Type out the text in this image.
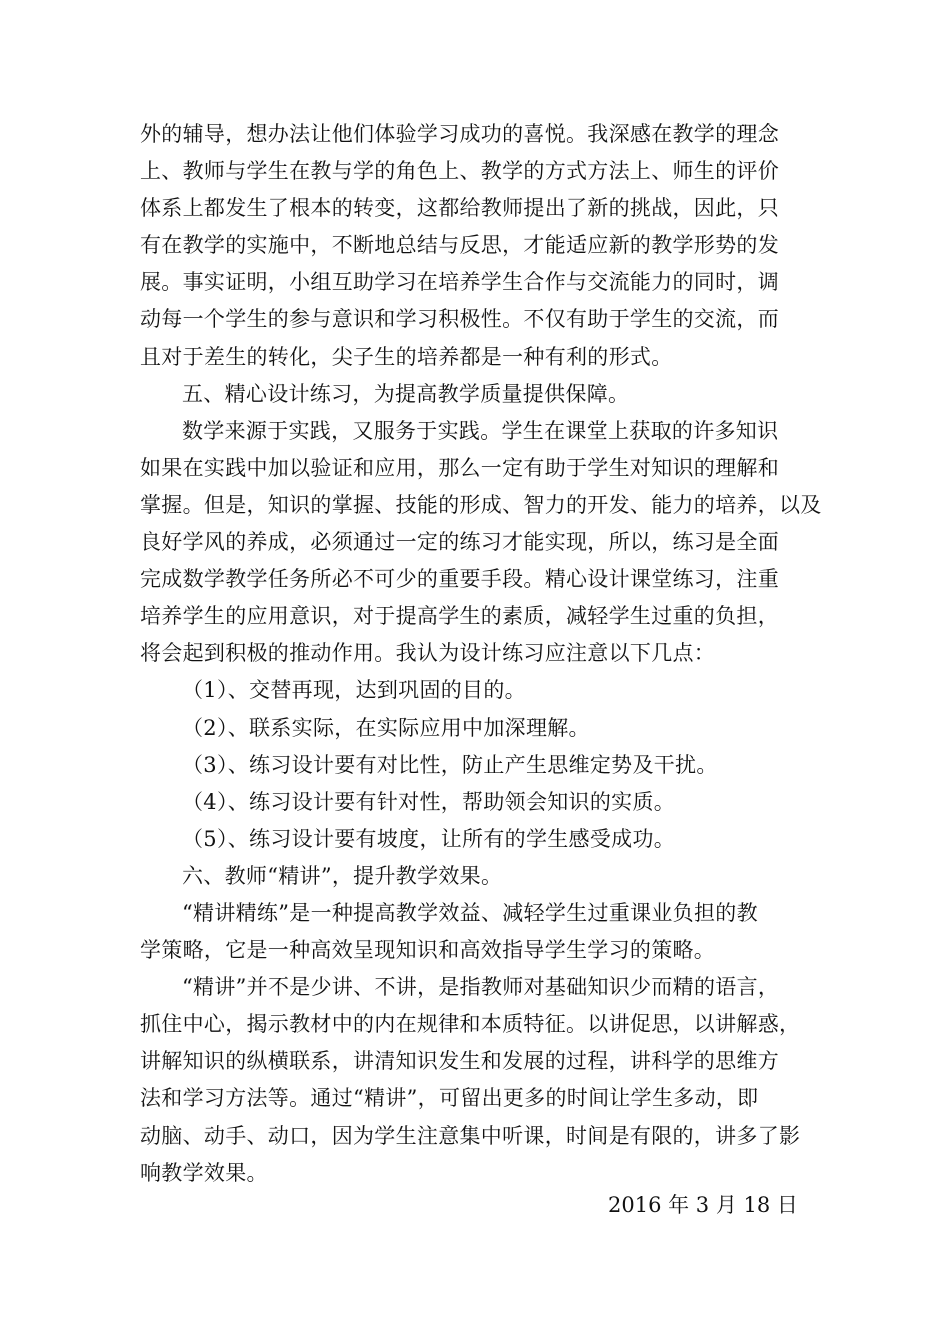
外的辅导，想办法让他们体验学习成功的喜悦。我深感在教学的理念
上、教师与学生在教与学的角色上、教学的方式方法上、师生的评价
体系上都发生了根本的转变，这都给教师提出了新的挑战，因此，只
有在教学的实施中，不断地总结与反思，才能适应新的教学形势的发
展。事实证明，小组互助学习在培养学生合作与交流能力的同时，调
动每一个学生的参与意识和学习积极性。不仅有助于学生的交流，而
且对于差生的转化，尖子生的培养都是一种有利的形式。
五、精心设计练习，为提高教学质量提供保障。
数学来源于实践，又服务于实践。学生在课堂上获取的许多知识
如果在实践中加以验证和应用，那么一定有助于学生对知识的理解和
掌握。但是，知识的掌握、技能的形成、智力的开发、能力的培养，以及
良好学风的养成，必须通过一定的练习才能实现，所以，练习是全面
完成数学教学任务所必不可少的重要手段。精心设计课堂练习，注重
培养学生的应用意识，对于提高学生的素质，减轻学生过重的负担，
将会起到积极的推动作用。我认为设计练习应注意以下几点：
（1）、交替再现，达到巩固的目的。
（2）、联系实际，在实际应用中加深理解。
（3）、练习设计要有对比性，防止产生思维定势及干扰。
（4）、练习设计要有针对性，帮助领会知识的实质。
（5）、练习设计要有坡度，让所有的学生感受成功。
六、教师“精讲”，提升教学效果。
“精讲精练”是一种提高教学效益、减轻学生过重课业负担的教
学策略，它是一种高效呈现知识和高效指导学生学习的策略。
“精讲”并不是少讲、不讲，是指教师对基础知识少而精的语言，
抓住中心，揭示教材中的内在规律和本质特征。以讲促思，以讲解惑，
讲解知识的纵横联系，讲清知识发生和发展的过程，讲科学的思维方
法和学习方法等。通过“精讲”，可留出更多的时间让学生多动，即
动脑、动手、动口，因为学生注意集中听课，时间是有限的，讲多了影
响教学效果。
2016 年 3 月 18 日
